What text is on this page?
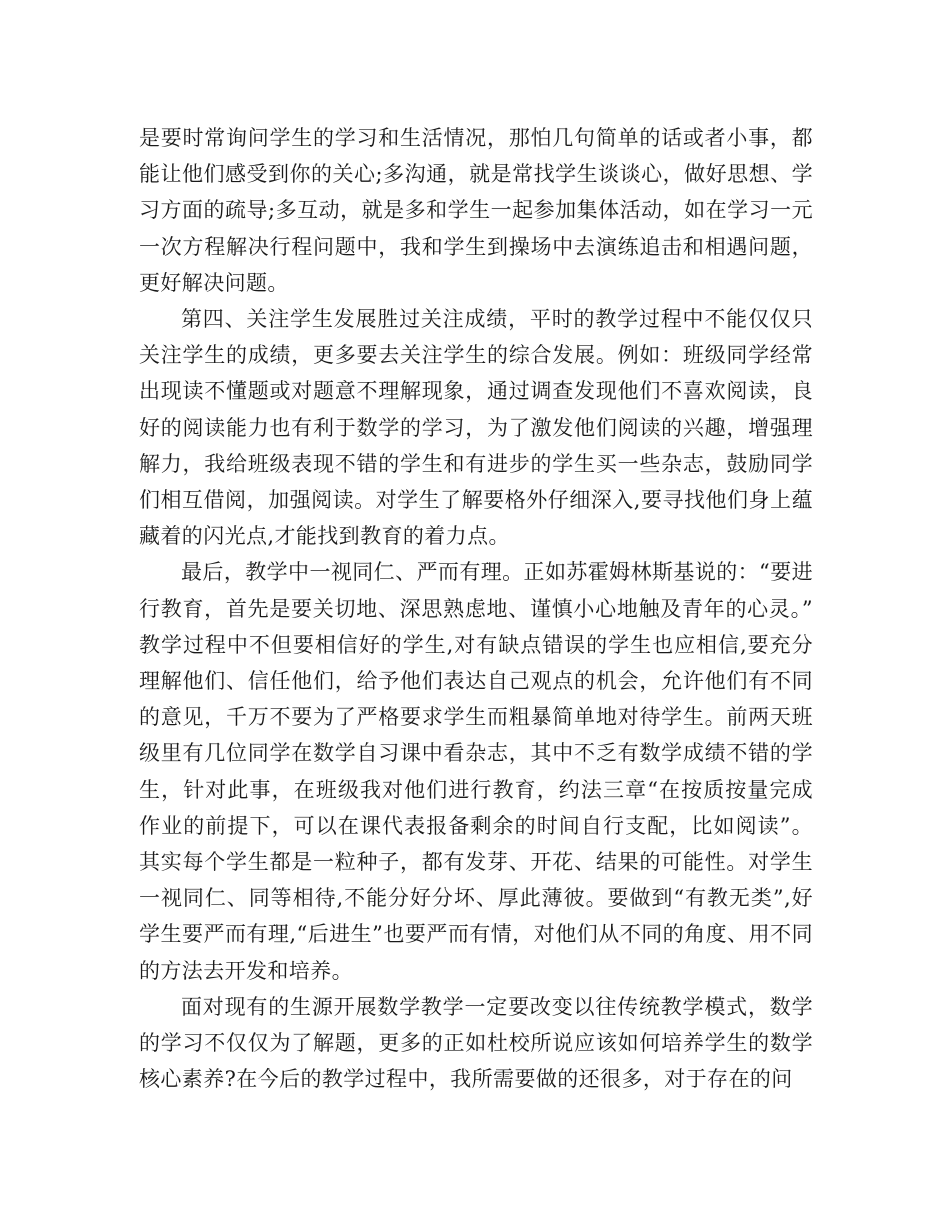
是要时常询问学生的学习和生活情况，那怕几句简单的话或者小事，都能让他们感受到你的关心;多沟通，就是常找学生谈谈心，做好思想、学习方面的疏导;多互动，就是多和学生一起参加集体活动，如在学习一元一次方程解决行程问题中，我和学生到操场中去演练追击和相遇问题，更好解决问题。

第四、关注学生发展胜过关注成绩，平时的教学过程中不能仅仅只关注学生的成绩，更多要去关注学生的综合发展。例如：班级同学经常出现读不懂题或对题意不理解现象，通过调查发现他们不喜欢阅读，良好的阅读能力也有利于数学的学习，为了激发他们阅读的兴趣，增强理解力，我给班级表现不错的学生和有进步的学生买一些杂志，鼓励同学们相互借阅，加强阅读。对学生了解要格外仔细深入,要寻找他们身上蕴藏着的闪光点,才能找到教育的着力点。

最后，教学中一视同仁、严而有理。正如苏霍姆林斯基说的：“要进行教育，首先是要关切地、深思熟虑地、谨慎小心地触及青年的心灵。” 教学过程中不但要相信好的学生,对有缺点错误的学生也应相信,要充分理解他们、信任他们，给予他们表达自己观点的机会，允许他们有不同的意见，千万不要为了严格要求学生而粗暴简单地对待学生。前两天班级里有几位同学在数学自习课中看杂志，其中不乏有数学成绩不错的学生，针对此事，在班级我对他们进行教育，约法三章“在按质按量完成作业的前提下，可以在课代表报备剩余的时间自行支配，比如阅读”。其实每个学生都是一粒种子，都有发芽、开花、结果的可能性。对学生一视同仁、同等相待,不能分好分坏、厚此薄彼。要做到“有教无类”,好学生要严而有理,“后进生”也要严而有情，对他们从不同的角度、用不同的方法去开发和培养。

面对现有的生源开展数学教学一定要改变以往传统教学模式，数学的学习不仅仅为了解题，更多的正如杜校所说应该如何培养学生的数学核心素养?在今后的教学过程中，我所需要做的还很多，对于存在的问
